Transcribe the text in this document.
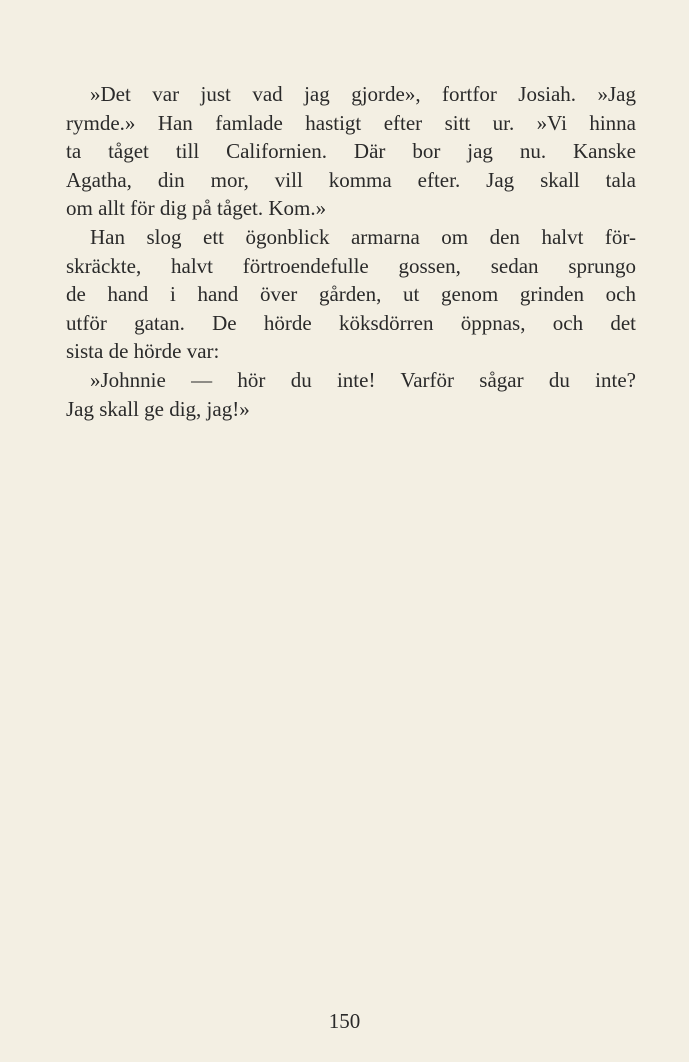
»Det var just vad jag gjorde», fortfor Josiah. »Jag
rymde.» Han famlade hastigt efter sitt ur. »Vi hinna
ta tåget till Californien. Där bor jag nu. Kanske
Agatha, din mor, vill komma efter. Jag skall tala
om allt för dig på tåget. Kom.»
Han slog ett ögonblick armarna om den halvt för-
skräckte, halvt förtroendefulle gossen, sedan sprungo
de hand i hand över gården, ut genom grinden och
utför gatan. De hörde köksdörren öppnas, och det
sista de hörde var:
»Johnnie — hör du inte! Varför sågar du inte?
Jag skall ge dig, jag!»
150
